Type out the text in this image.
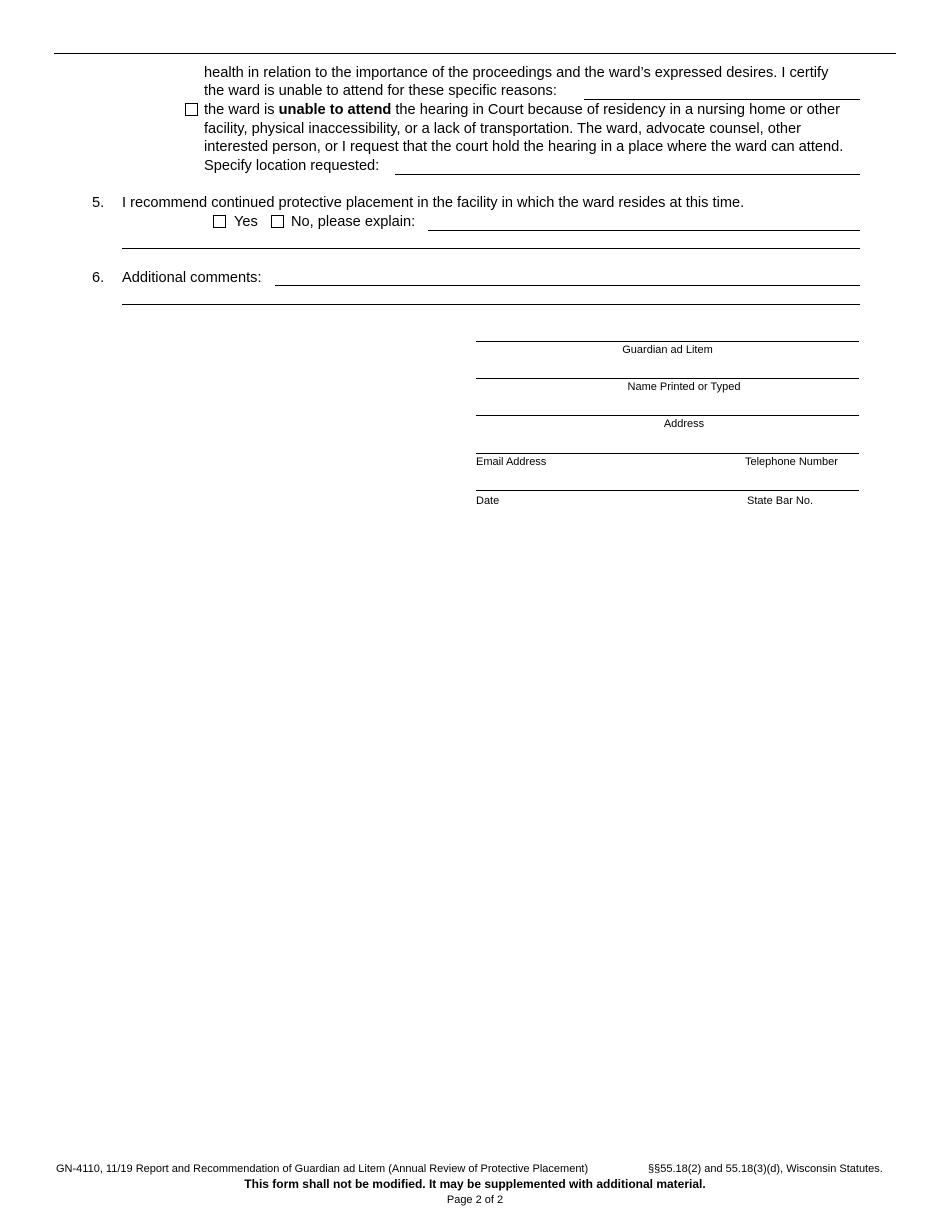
health in relation to the importance of the proceedings and the ward’s expressed desires. I certify
the ward is unable to attend for these specific reasons:
the ward is unable to attend the hearing in Court because of residency in a nursing home or other
facility, physical inaccessibility, or a lack of transportation. The ward, advocate counsel, other
interested person, or I request that the court hold the hearing in a place where the ward can attend.
Specify location requested:
5. I recommend continued protective placement in the facility in which the ward resides at this time.
Yes No, please explain:
6. Additional comments:
Guardian ad Litem
Name Printed or Typed
Address
Email Address	Telephone Number
Date	State Bar No.
GN-4110, 11/19 Report and Recommendation of Guardian ad Litem (Annual Review of Protective Placement)	§§55.18(2) and 55.18(3)(d), Wisconsin Statutes.
This form shall not be modified. It may be supplemented with additional material.
Page 2 of 2
